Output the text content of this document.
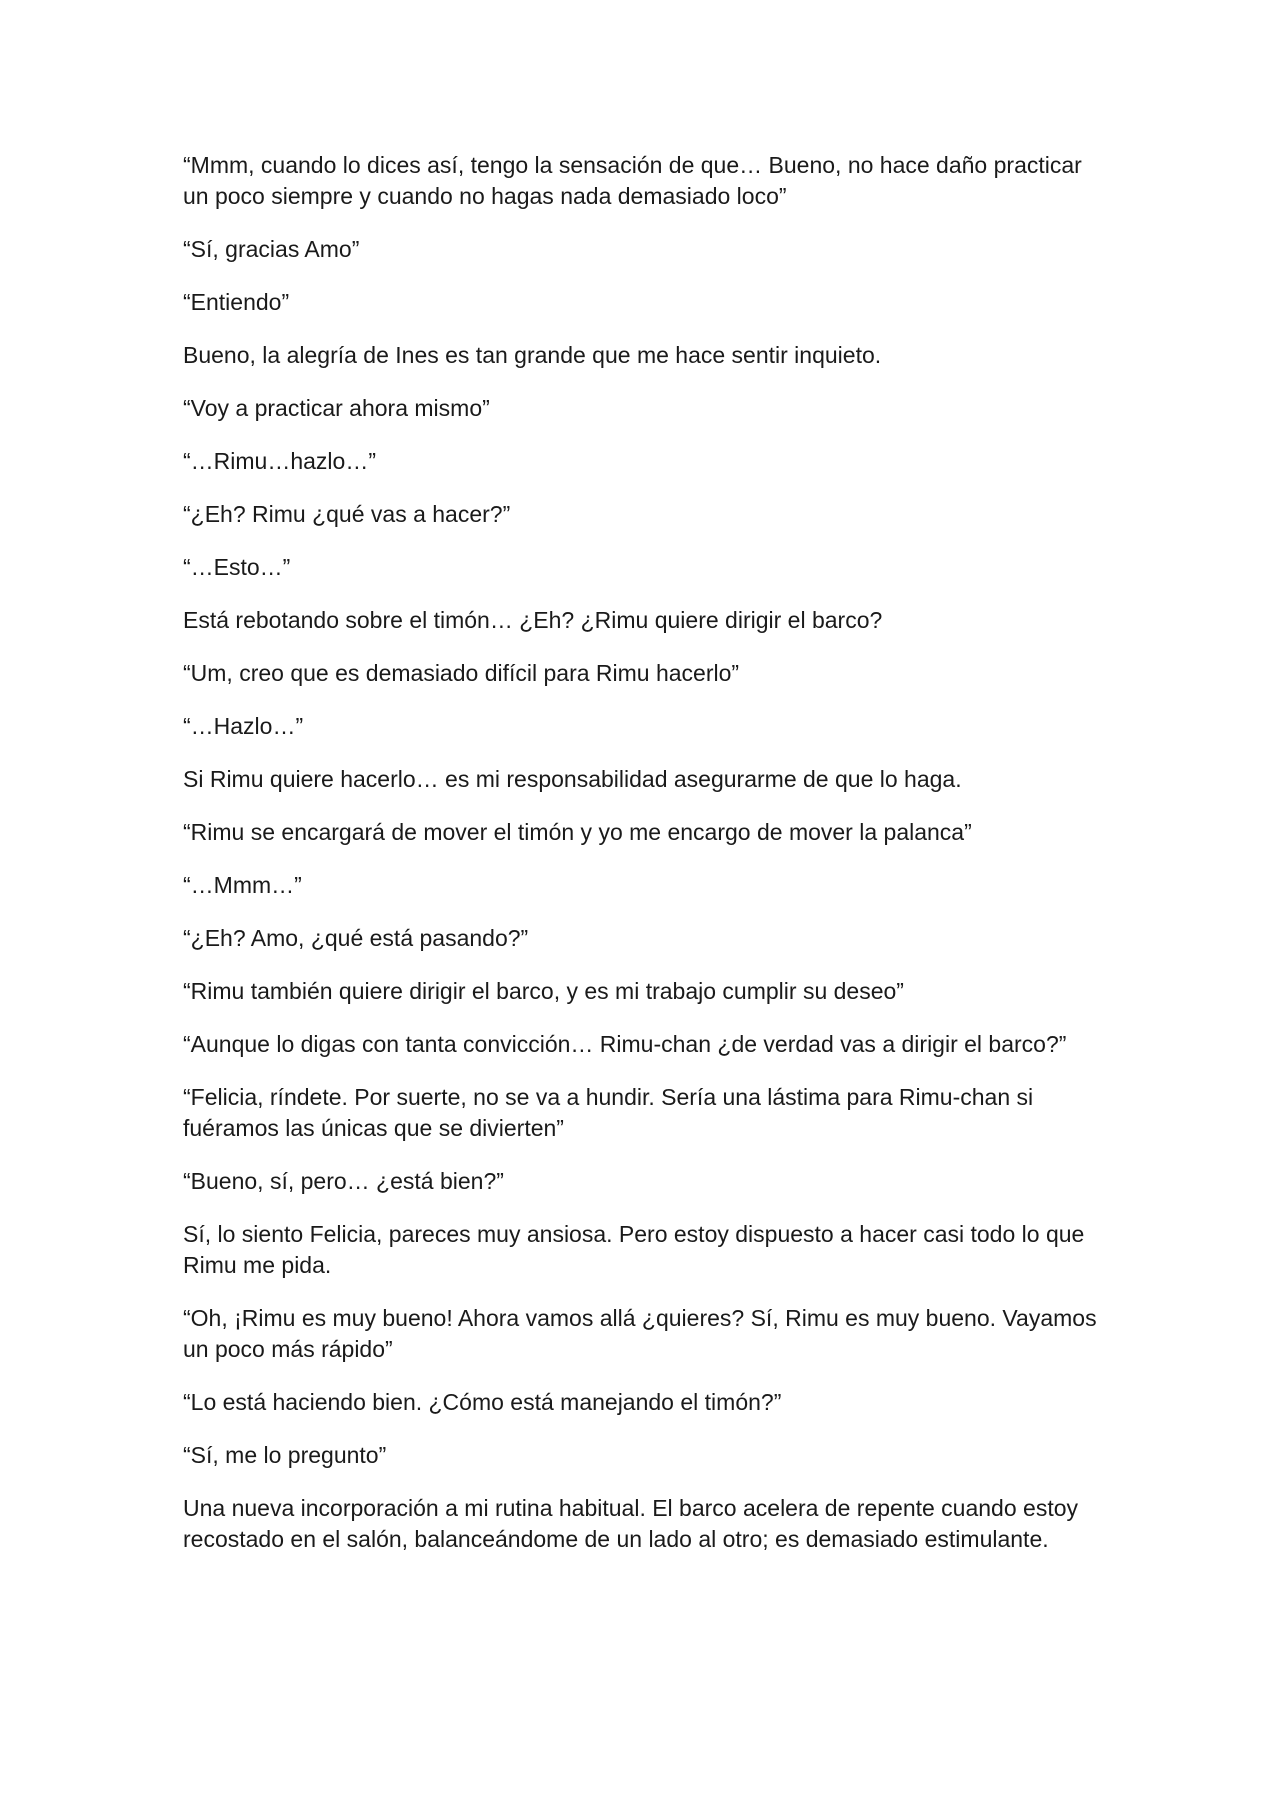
“Mmm, cuando lo dices así, tengo la sensación de que… Bueno, no hace daño practicar un poco siempre y cuando no hagas nada demasiado loco”

“Sí, gracias Amo”

“Entiendo”

Bueno, la alegría de Ines es tan grande que me hace sentir inquieto.

“Voy a practicar ahora mismo”

“…Rimu…hazlo…”

“¿Eh? Rimu ¿qué vas a hacer?”

“…Esto…”

Está rebotando sobre el timón… ¿Eh? ¿Rimu quiere dirigir el barco?

“Um, creo que es demasiado difícil para Rimu hacerlo”

“…Hazlo…”

Si Rimu quiere hacerlo… es mi responsabilidad asegurarme de que lo haga.

“Rimu se encargará de mover el timón y yo me encargo de mover la palanca”

“…Mmm…”

“¿Eh? Amo, ¿qué está pasando?”

“Rimu también quiere dirigir el barco, y es mi trabajo cumplir su deseo”

“Aunque lo digas con tanta convicción… Rimu-chan ¿de verdad vas a dirigir el barco?”

“Felicia, ríndete. Por suerte, no se va a hundir. Sería una lástima para Rimu-chan si fuéramos las únicas que se divierten”

“Bueno, sí, pero… ¿está bien?”

Sí, lo siento Felicia, pareces muy ansiosa. Pero estoy dispuesto a hacer casi todo lo que Rimu me pida.

“Oh, ¡Rimu es muy bueno! Ahora vamos allá ¿quieres? Sí, Rimu es muy bueno. Vayamos un poco más rápido”

“Lo está haciendo bien. ¿Cómo está manejando el timón?”

“Sí, me lo pregunto”

Una nueva incorporación a mi rutina habitual. El barco acelera de repente cuando estoy recostado en el salón, balanceándome de un lado al otro; es demasiado estimulante.
